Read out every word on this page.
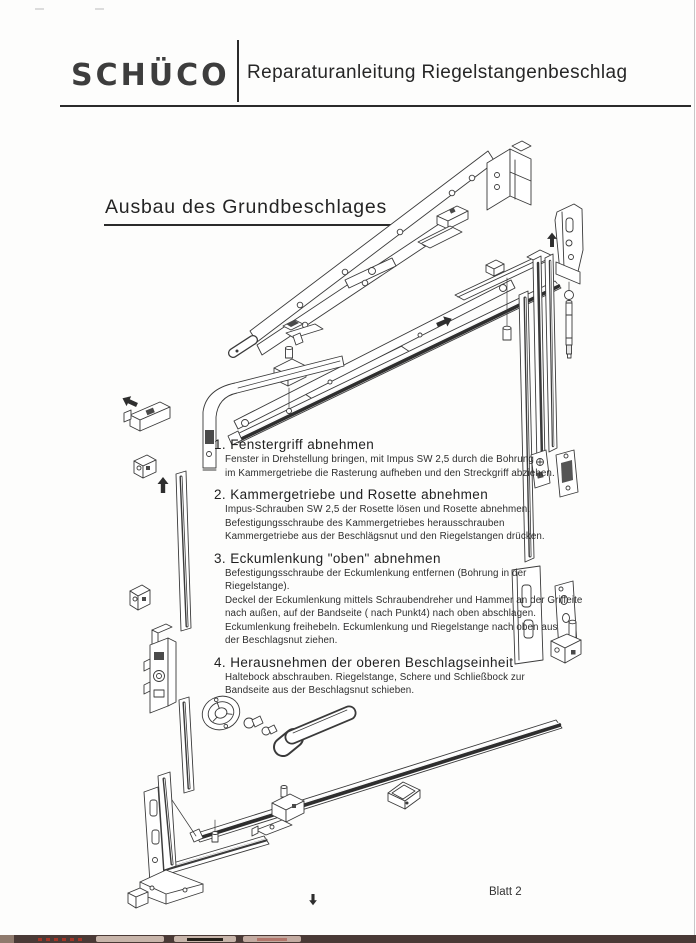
SCHÜCO Reparaturanleitung Riegelstangenbeschlag
Ausbau des Grundbeschlages
1. Fenstergriff abnehmen
Fenster in Drehstellung bringen, mit Impus SW 2,5 durch die Bohrung
im Kammergetriebe die Rasterung aufheben und den Streckgriff abziehen.
2. Kammergetriebe und Rosette abnehmen
Impus-Schrauben SW 2,5 der Rosette lösen und Rosette abnehmen.
Befestigungsschraube des Kammergetriebes herausschrauben
Kammergetriebe aus der Beschlägsnut und den Riegelstangen drücken.
3. Eckumlenkung "oben" abnehmen
Befestigungsschraube der Eckumlenkung entfernen (Bohrung in der
Riegelstange).
Deckel der Eckumlenkung mittels Schraubendreher und Hammer an der Griffeite
nach außen, auf der Bandseite ( nach Punkt4) nach oben abschlagen.
Eckumlenkung freihebeln. Eckumlenkung und Riegelstange nach oben aus
der Beschlagsnut ziehen.
4. Herausnehmen der oberen Beschlagseinheit
Haltebock abschrauben. Riegelstange, Schere und Schließbock zur
Bandseite aus der Beschlagsnut schieben.
Blatt 2
